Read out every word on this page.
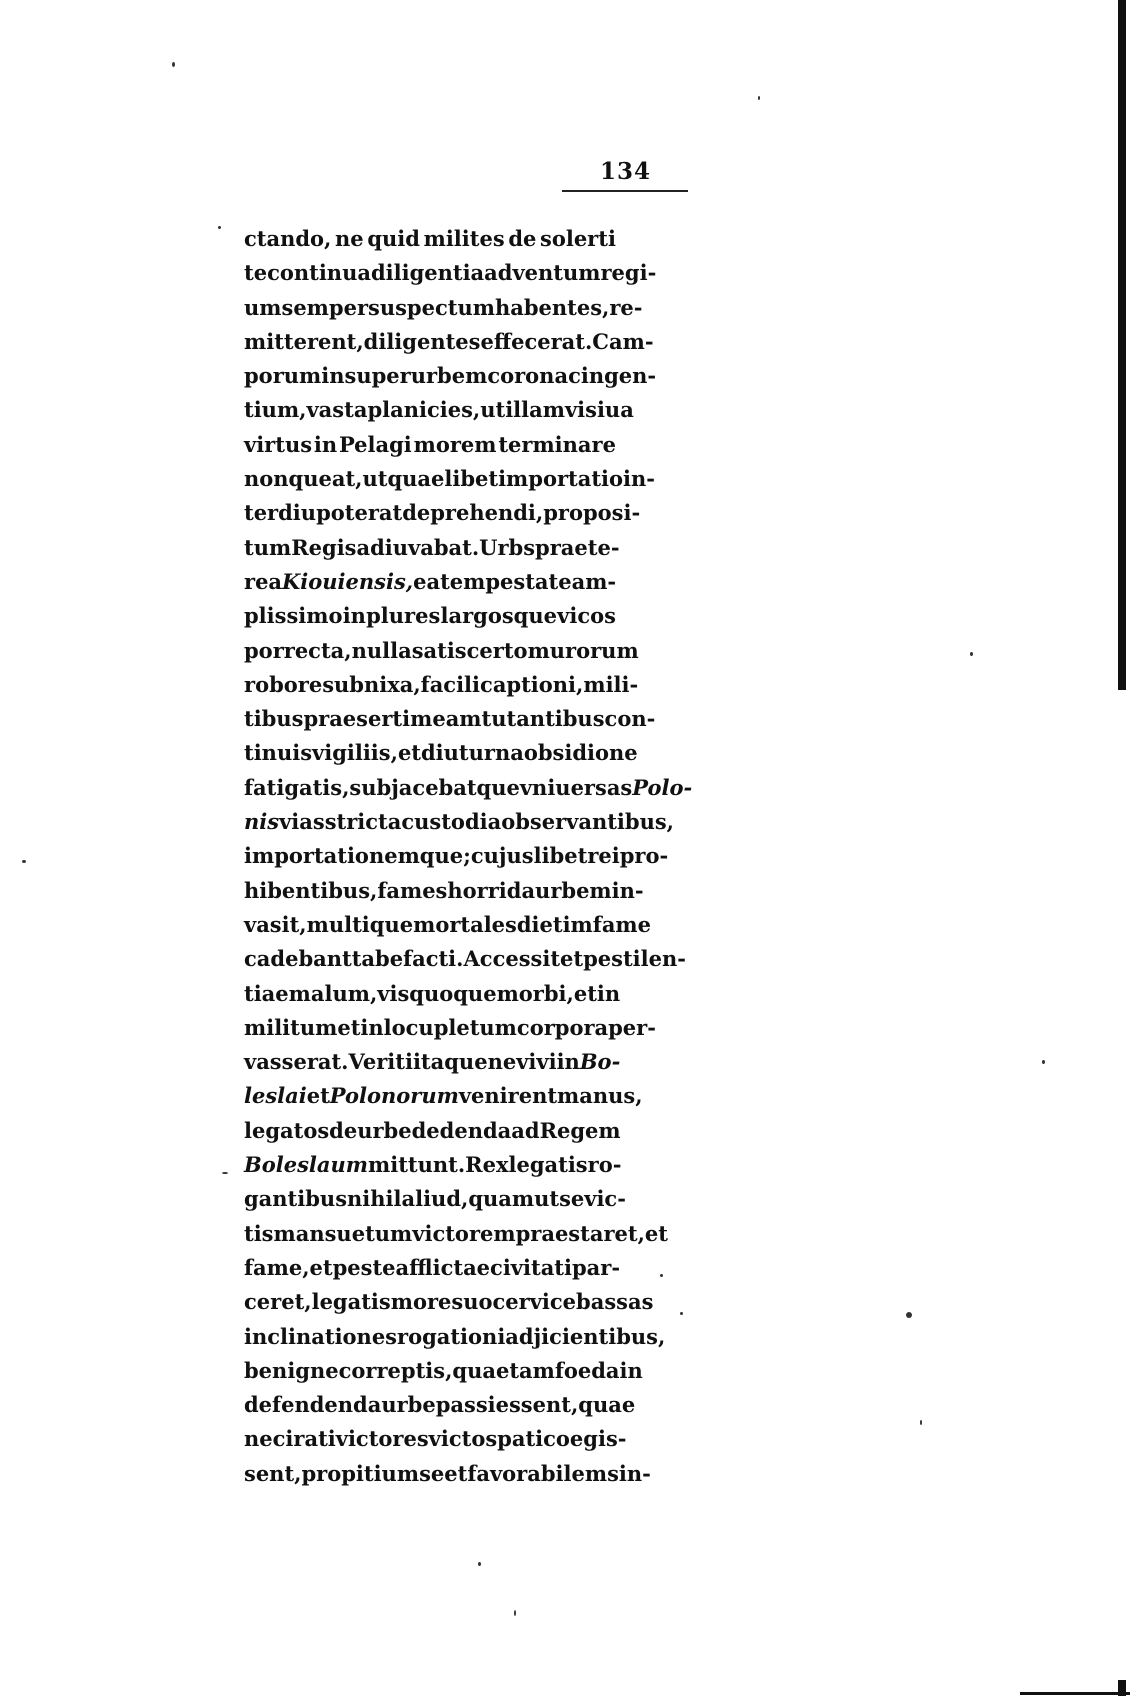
134
ctando, ne quid milites de solerti
te continua diligentia adventum regi-
um semper suspectum habentes, re-
mitterent, diligentes effecerat. Cam-
porum insuper urbem corona cingen-
tium, vasta planicies, ut illam visiua
virtus in Pelagi morem terminare
non queat, ut quaelibet importatio in-
terdiu poterat deprehendi, proposi-
tum Regis adiuvabat. Urbs praete-
rea Kiouiensis, ea tempestate am-
plissimo in plures largosque vicos
porrecta, nulla satis certo murorum
robore subnixa, facili captioni, mili-
tibus praesertim eam tutantibus con-
tinuis vigiliis, et diuturna obsidione
fatigatis, subjacebatque vniuersas Polo-
nis vias stricta custodia observantibus,
importationemque; cujuslibet rei pro-
hibentibus, fames horrida urbem in-
vasit, multique mortales dietim fame
cadebant tabefacti. Accessit et pestilen-
tiae malum, vis quoque morbi, et in
militum et in locupletum corpora per-
vasserat. Veriti itaque ne vivi in Bo-
leslai et Polonorum venirent manus,
legatos de urbe dedenda ad Regem
Boleslaum mittunt. Rex legatis ro-
gantibus nihil aliud, quam ut se vic-
tis mansuetum victorem praestaret, et
fame, et peste afflictae civitati par-
ceret, legatis more suo cervice bassas
inclinationes rogationi adjicientibus,
benigne correptis, quae tam foeda in
defendenda urbe passi essent, quae
nec irati victores victos pati coegis-
sent, propitium se et favorabilem sin-
